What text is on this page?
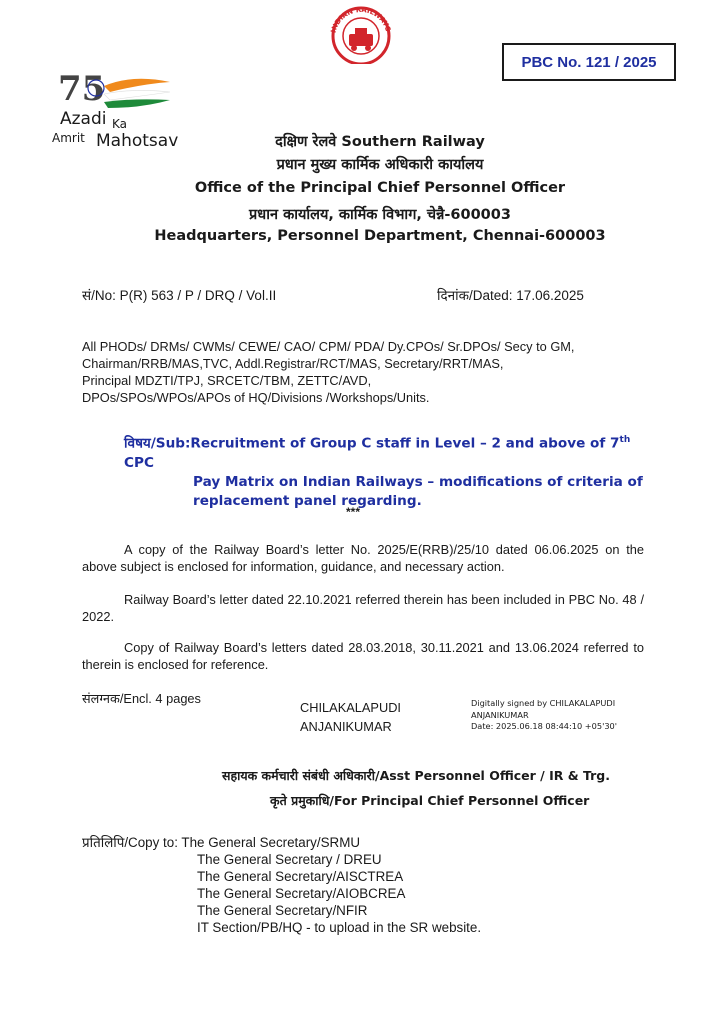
INDIAN RAILWAYS
75
Azadi Ka
Amrit Mahotsav
PBC No. 121 / 2025
दक्षिण रेलवे Southern Railway
प्रधान मुख्य कार्मिक अधिकारी कार्यालय
Office of the Principal Chief Personnel Officer
प्रधान कार्यालय, कार्मिक विभाग, चेन्नै-600003
Headquarters, Personnel Department, Chennai-600003
सं/No: P(R) 563 / P / DRQ / Vol.II	दिनांक/Dated: 17.06.2025
All PHODs/ DRMs/ CWMs/ CEWE/ CAO/ CPM/ PDA/ Dy.CPOs/ Sr.DPOs/ Secy to GM,
Chairman/RRB/MAS,TVC, Addl.Registrar/RCT/MAS, Secretary/RRT/MAS,
Principal MDZTI/TPJ, SRCETC/TBM, ZETTC/AVD,
DPOs/SPOs/WPOs/APOs of HQ/Divisions /Workshops/Units.
विषय/Sub:Recruitment of Group C staff in Level – 2 and above of 7th CPC
Pay Matrix on Indian Railways – modifications of criteria of
replacement panel regarding.
***
A copy of the Railway Board’s letter No. 2025/E(RRB)/25/10 dated 06.06.2025 on the above subject is enclosed for information, guidance, and necessary action.
Railway Board’s letter dated 22.10.2021 referred therein has been included in PBC No. 48 / 2022.
Copy of Railway Board’s letters dated 28.03.2018, 30.11.2021 and 13.06.2024 referred to therein is enclosed for reference.
संलग्नक/Encl. 4 pages
CHILAKALAPUDI
ANJANIKUMAR
Digitally signed by CHILAKALAPUDI
ANJANIKUMAR
Date: 2025.06.18 08:44:10 +05'30'
सहायक कर्मचारी संबंधी अधिकारी/Asst Personnel Officer / IR & Trg.
कृते प्रमुकाधि/For Principal Chief Personnel Officer
प्रतिलिपि/Copy to: The General Secretary/SRMU
The General Secretary / DREU
The General Secretary/AISCTREA
The General Secretary/AIOBCREA
The General Secretary/NFIR
IT Section/PB/HQ - to upload in the SR website.
